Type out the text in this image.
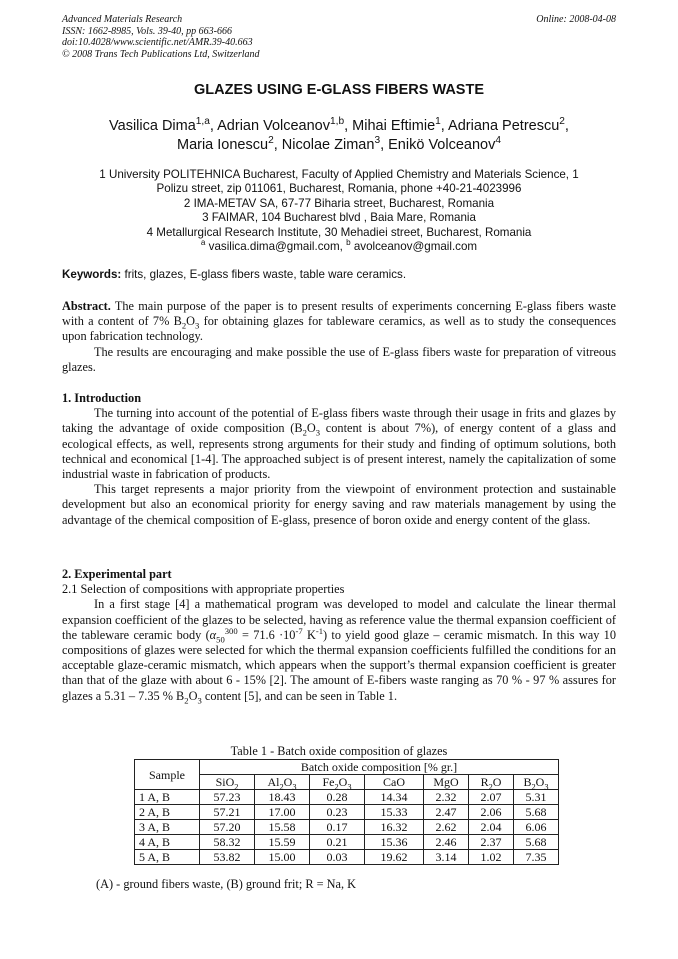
Advanced Materials Research
ISSN: 1662-8985, Vols. 39-40, pp 663-666
doi:10.4028/www.scientific.net/AMR.39-40.663
© 2008 Trans Tech Publications Ltd, Switzerland
Online: 2008-04-08
GLAZES USING E-GLASS FIBERS WASTE
Vasilica Dima$^{1,a}$, Adrian Volceanov$^{1,b}$, Mihai Eftimie$^1$, Adriana Petrescu$^2$,
Maria Ionescu$^2$, Nicolae Ziman$^3$, Enikö Volceanov$^4$
1 University POLITEHNICA Bucharest, Faculty of Applied Chemistry and Materials Science, 1
Polizu street, zip 011061, Bucharest, Romania, phone +40-21-4023996
2 IMA-METAV SA, 67-77 Biharia street, Bucharest, Romania
3 FAIMAR, 104 Bucharest blvd , Baia Mare, Romania
4 Metallurgical Research Institute, 30 Mehadiei street, Bucharest, Romania
$^a$ vasilica.dima@gmail.com, $^b$ avolceanov@gmail.com
Keywords: frits, glazes, E-glass fibers waste, table ware ceramics.

Abstract. The main purpose of the paper is to present results of experiments concerning E-glass fibers waste with a content of 7% $B_2O_3$ for obtaining glazes for tableware ceramics, as well as to study the consequences upon fabrication technology.

The results are encouraging and make possible the use of E-glass fibers waste for preparation of vitreous glazes.

1. Introduction

The turning into account of the potential of E-glass fibers waste through their usage in frits and glazes by taking the advantage of oxide composition ($B_2O_3$ content is about 7%), of energy content of a glass and ecological effects, as well, represents strong arguments for their study and finding of optimum solutions, both technical and economical [1-4]. The approached subject is of present interest, namely the capitalization of some industrial waste in fabrication of products.

This target represents a major priority from the viewpoint of environment protection and sustainable development but also an economical priority for energy saving and raw materials management by using the advantage of the chemical composition of E-glass, presence of boron oxide and energy content of the glass.

2. Experimental part

2.1 Selection of compositions with appropriate properties

In a first stage [4] a mathematical program was developed to model and calculate the linear thermal expansion coefficient of the glazes to be selected, having as reference value the thermal expansion coefficient of the tableware ceramic body ($\alpha_{50}^{300} = 71.6 \cdot 10^{-7}$ $K^{-1}$) to yield good glaze – ceramic mismatch. In this way 10 compositions of glazes were selected for which the thermal expansion coefficients fulfilled the conditions for an acceptable glaze-ceramic mismatch, which appears when the support’s thermal expansion coefficient is greater than that of the glaze with about 6 - 15% [2]. The amount of E-fibers waste ranging as 70 % - 97 % assures for glazes a 5.31 – 7.35 % $B_2O_3$ content [5], and can be seen in Table 1.

Table 1 - Batch oxide composition of glazes
Sample	Batch oxide composition [% gr.]						
	SiO$_2$	$Al_2O_3$	$Fe_2O_3$	CaO	MgO	$R_2O$	$B_2O_3$
1 A, B	57.23	18.43	0.28	14.34	2.32	2.07	5.31
2 A, B	57.21	17.00	0.23	15.33	2.47	2.06	5.68
3 A, B	57.20	15.58	0.17	16.32	2.62	2.04	6.06
4 A, B	58.32	15.59	0.21	15.36	2.46	2.37	5.68
5 A, B	53.82	15.00	0.03	19.62	3.14	1.02	7.35
(A) - ground fibers waste, (B) ground frit; R = Na, K
